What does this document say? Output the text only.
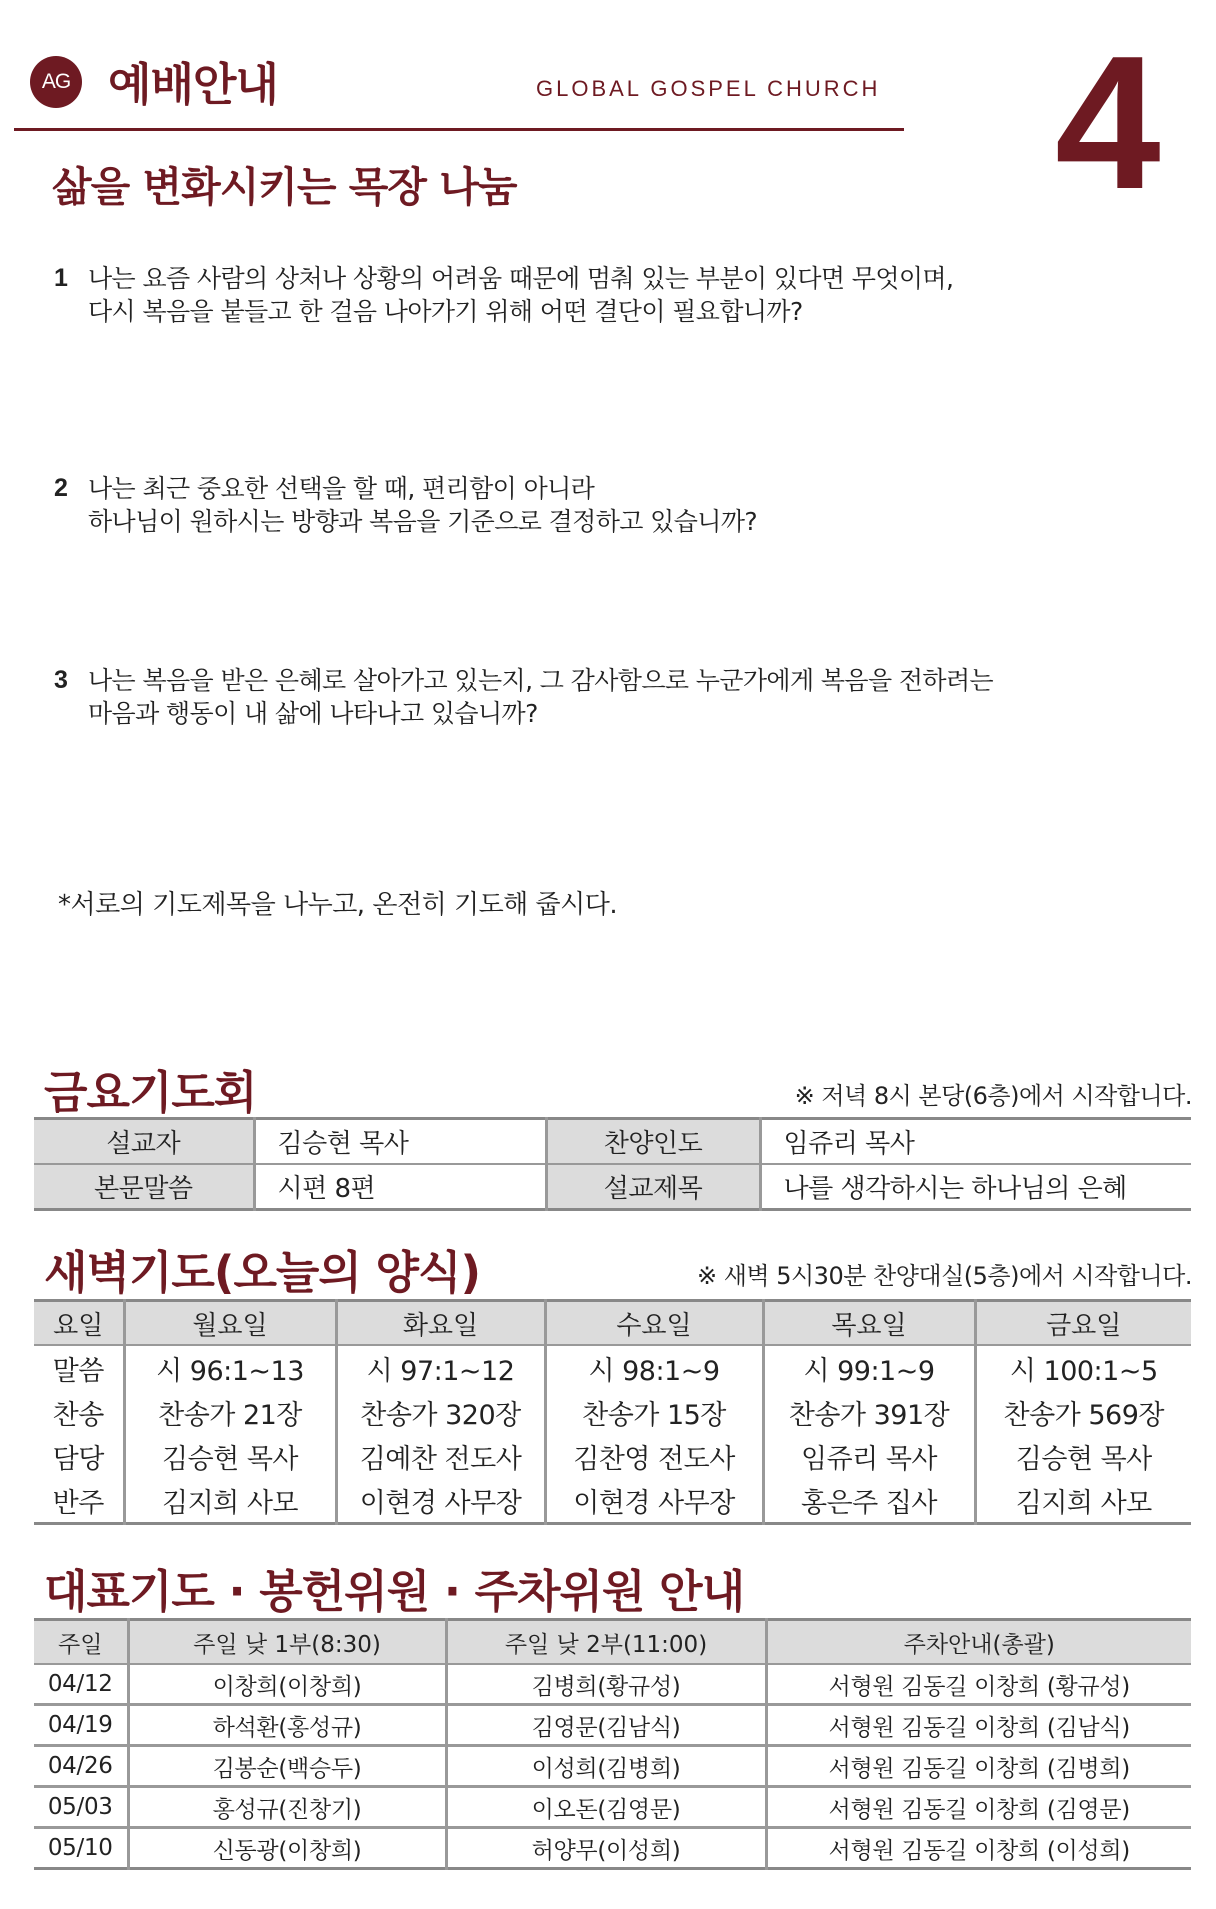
AG 예배안내	GLOBAL GOSPEL CHURCH 4
삶을 변화시키는 목장 나눔
1 나는 요즘 사람의 상처나 상황의 어려움 때문에 멈춰 있는 부분이 있다면 무엇이며,
다시 복음을 붙들고 한 걸음 나아가기 위해 어떤 결단이 필요합니까?
2 나는 최근 중요한 선택을 할 때, 편리함이 아니라
하나님이 원하시는 방향과 복음을 기준으로 결정하고 있습니까?
3 나는 복음을 받은 은혜로 살아가고 있는지, 그 감사함으로 누군가에게 복음을 전하려는
마음과 행동이 내 삶에 나타나고 있습니까?
*서로의 기도제목을 나누고, 온전히 기도해 줍시다.
금요기도회	※ 저녁 8시 본당(6층)에서 시작합니다.
설교자	김승현 목사	찬양인도	임쥬리 목사
본문말씀	시편 8편	설교제목	나를 생각하시는 하나님의 은혜
새벽기도(오늘의 양식)	※ 새벽 5시30분 찬양대실(5층)에서 시작합니다.
요일	월요일	화요일	수요일	목요일	금요일
말씀	시 96:1~13	시 97:1~12	시 98:1~9	시 99:1~9	시 100:1~5
찬송	찬송가 21장	찬송가 320장	찬송가 15장	찬송가 391장	찬송가 569장
담당	김승현 목사	김예찬 전도사	김찬영 전도사	임쥬리 목사	김승현 목사
반주	김지희 사모	이현경 사무장	이현경 사무장	홍은주 집사	김지희 사모
대표기도 · 봉헌위원 · 주차위원 안내
주일	주일 낮 1부(8:30)	주일 낮 2부(11:00)	주차안내(총괄)
04/12	이창희(이창희)	김병희(황규성)	서형원 김동길 이창희 (황규성)
04/19	하석환(홍성규)	김영문(김남식)	서형원 김동길 이창희 (김남식)
04/26	김봉순(백승두)	이성희(김병희)	서형원 김동길 이창희 (김병희)
05/03	홍성규(진창기)	이오돈(김영문)	서형원 김동길 이창희 (김영문)
05/10	신동광(이창희)	허양무(이성희)	서형원 김동길 이창희 (이성희)
